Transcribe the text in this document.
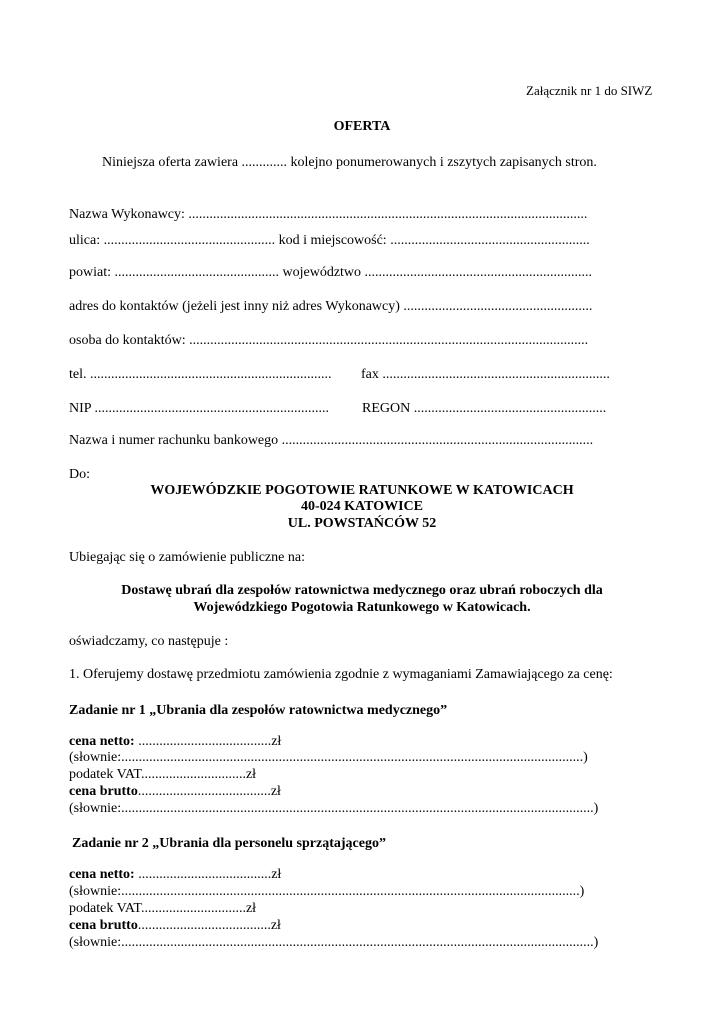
Załącznik nr 1 do SIWZ
OFERTA
Niniejsza oferta zawiera ............. kolejno ponumerowanych i zszytych zapisanych stron.
Nazwa Wykonawcy: ..................................................................................................................
ulica: ................................................. kod i miejscowość: .........................................................
powiat: ............................................... województwo .................................................................
adres do kontaktów (jeżeli jest inny niż adres Wykonawcy) ......................................................
osoba do kontaktów: ..................................................................................................................
tel. ..................................................................... fax .................................................................
NIP ................................................................... REGON .......................................................
Nazwa i numer rachunku bankowego .........................................................................................
Do:
WOJEWÓDZKIE POGOTOWIE RATUNKOWE W KATOWICACH
40-024 KATOWICE
UL. POWSTAŃCÓW 52
Ubiegając się o zamówienie publiczne na:
Dostawę ubrań dla zespołów ratownictwa medycznego oraz ubrań roboczych dla
Wojewódzkiego Pogotowia Ratunkowego w Katowicach.
oświadczamy, co następuje :
1. Oferujemy dostawę przedmiotu zamówienia zgodnie z wymaganiami Zamawiającego za cenę:
Zadanie nr 1 „Ubrania dla zespołów ratownictwa medycznego”
cena netto: ......................................zł
(słownie:....................................................................................................................................)
podatek VAT..............................zł
cena brutto......................................zł
(słownie:.......................................................................................................................................)
Zadanie nr 2 „Ubrania dla personelu sprzątającego”
cena netto: ......................................zł
(słownie:...................................................................................................................................)
podatek VAT..............................zł
cena brutto......................................zł
(słownie:.......................................................................................................................................)
